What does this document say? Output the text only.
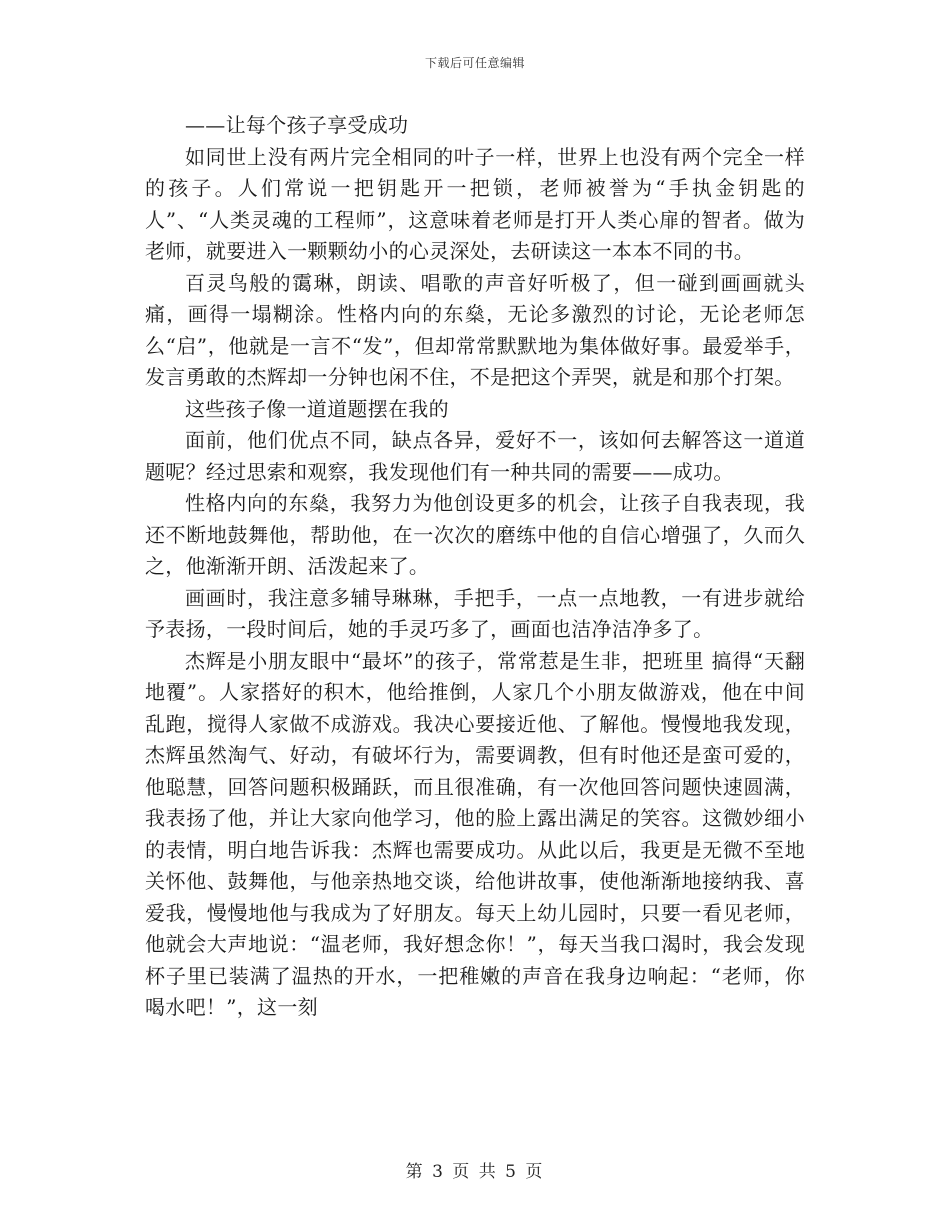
下载后可任意编辑

——让每个孩子享受成功

如同世上没有两片完全相同的叶子一样，世界上也没有两个完全一样的孩子。人们常说一把钥匙开一把锁，老师被誉为“手执金钥匙的人”、“人类灵魂的工程师”，这意味着老师是打开人类心扉的智者。做为老师，就要进入一颗颗幼小的心灵深处，去研读这一本本不同的书。

百灵鸟般的霭琳，朗读、唱歌的声音好听极了，但一碰到画画就头痛，画得一塌糊涂。性格内向的东燊，无论多激烈的讨论，无论老师怎么“启”，他就是一言不“发”，但却常常默默地为集体做好事。最爱举手，发言勇敢的杰辉却一分钟也闲不住，不是把这个弄哭，就是和那个打架。

这些孩子像一道道题摆在我的

面前，他们优点不同，缺点各异，爱好不一，该如何去解答这一道道题呢？经过思索和观察，我发现他们有一种共同的需要——成功。

性格内向的东燊，我努力为他创设更多的机会，让孩子自我表现，我还不断地鼓舞他，帮助他，在一次次的磨练中他的自信心增强了，久而久之，他渐渐开朗、活泼起来了。

画画时，我注意多辅导琳琳，手把手，一点一点地教，一有进步就给予表扬，一段时间后，她的手灵巧多了，画面也洁净洁净多了。

杰辉是小朋友眼中“最坏”的孩子，常常惹是生非，把班里 搞得“天翻地覆”。人家搭好的积木，他给推倒，人家几个小朋友做游戏，他在中间乱跑，搅得人家做不成游戏。我决心要接近他、了解他。慢慢地我发现，杰辉虽然淘气、好动，有破坏行为，需要调教，但有时他还是蛮可爱的，他聪慧，回答问题积极踊跃，而且很准确，有一次他回答问题快速圆满，我表扬了他，并让大家向他学习，他的脸上露出满足的笑容。这微妙细小的表情，明白地告诉我：杰辉也需要成功。从此以后，我更是无微不至地关怀他、鼓舞他，与他亲热地交谈，给他讲故事，使他渐渐地接纳我、喜爱我，慢慢地他与我成为了好朋友。每天上幼儿园时，只要一看见老师，他就会大声地说：“温老师，我好想念你！”，每天当我口渴时，我会发现杯子里已装满了温热的开水，一把稚嫩的声音在我身边响起：“老师，你喝水吧！”，这一刻

第 3 页 共 5 页
